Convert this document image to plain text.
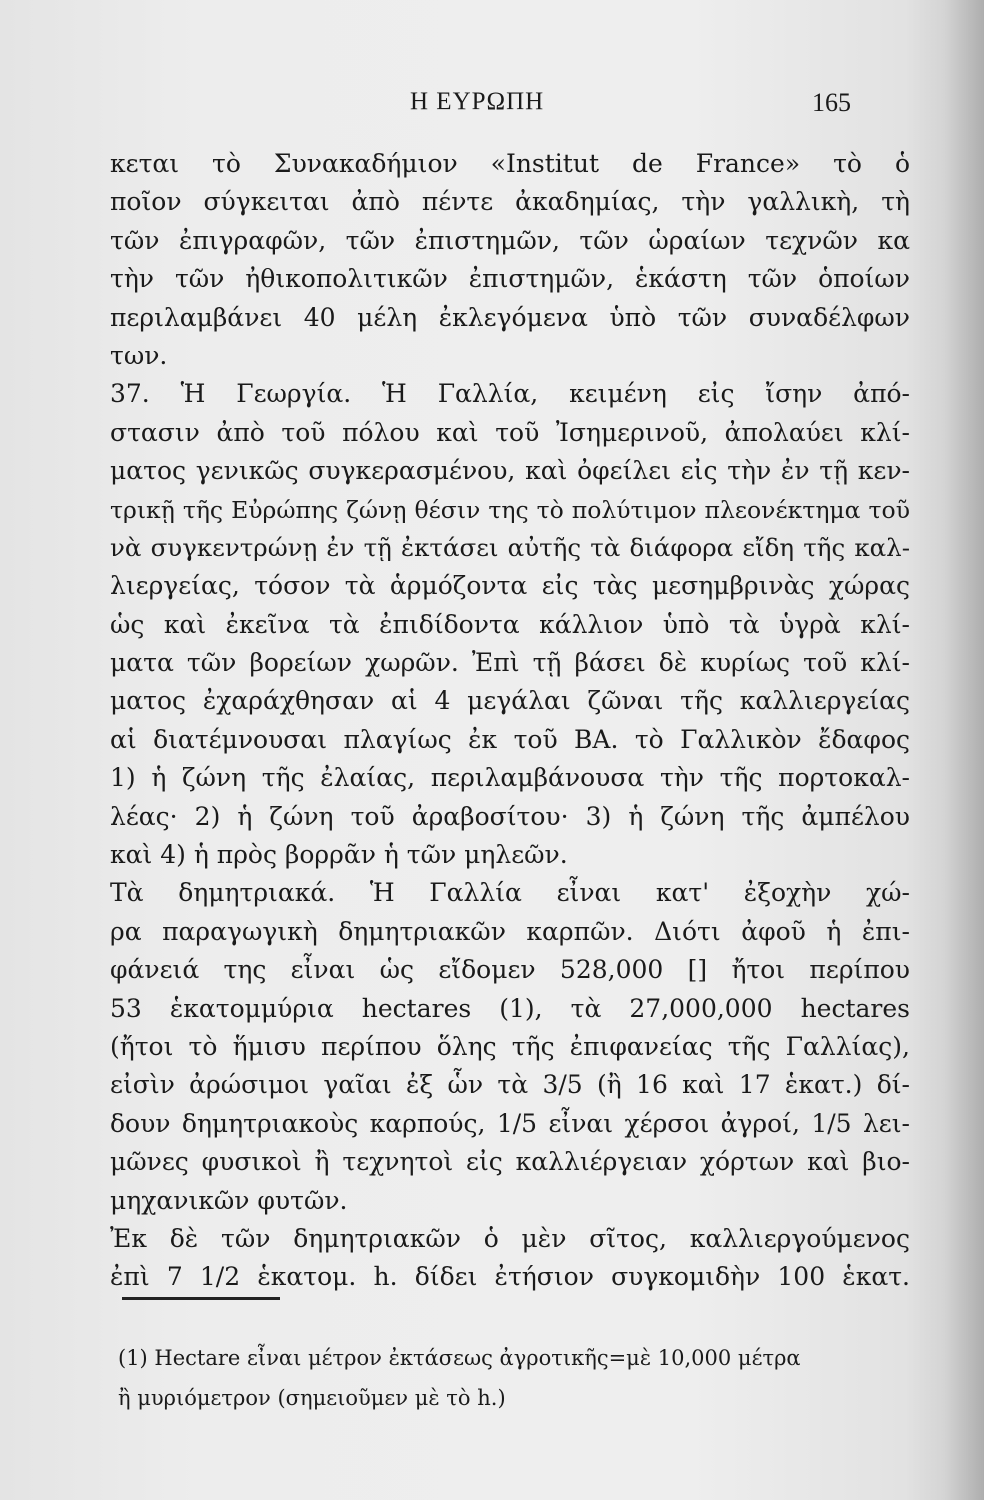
Η ΕΥΡΩΠΗ	165
κεται τὸ Συνακαδήμιον «Institut de France» τὸ ὁ
ποῖον σύγκειται ἀπὸ πέντε ἀκαδημίας, τὴν γαλλικὴ, τὴ
τῶν ἐπιγραφῶν, τῶν ἐπιστημῶν, τῶν ὡραίων τεχνῶν κα
τὴν τῶν ἠθικοπολιτικῶν ἐπιστημῶν, ἑκάστη τῶν ὁποίων
περιλαμβάνει 40 μέλη ἐκλεγόμενα ὑπὸ τῶν συναδέλφων
των.
37. Ἡ Γεωργία. Ἡ Γαλλία, κειμένη εἰς ἴσην ἀπό-
στασιν ἀπὸ τοῦ πόλου καὶ τοῦ Ἰσημερινοῦ, ἀπολαύει κλί-
ματος γενικῶς συγκερασμένου, καὶ ὀφείλει εἰς τὴν ἐν τῇ κεν-
τρικῇ τῆς Εὐρώπης ζώνῃ θέσιν της τὸ πολύτιμον πλεονέκτημα τοῦ
νὰ συγκεντρώνῃ ἐν τῇ ἐκτάσει αὐτῆς τὰ διάφορα εἴδη τῆς καλ-
λιεργείας, τόσον τὰ ἁρμόζοντα εἰς τὰς μεσημβρινὰς χώρας
ὡς καὶ ἐκεῖνα τὰ ἐπιδίδοντα κάλλιον ὑπὸ τὰ ὑγρὰ κλί-
ματα τῶν βορείων χωρῶν. Ἐπὶ τῇ βάσει δὲ κυρίως τοῦ κλί-
ματος ἐχαράχθησαν αἱ 4 μεγάλαι ζῶναι τῆς καλλιεργείας
αἱ διατέμνουσαι πλαγίως ἐκ τοῦ ΒΑ. τὸ Γαλλικὸν ἔδαφος
1) ἡ ζώνη τῆς ἐλαίας, περιλαμβάνουσα τὴν τῆς πορτοκαλ-
λέας· 2) ἡ ζώνη τοῦ ἀραβοσίτου· 3) ἡ ζώνη τῆς ἀμπέλου
καὶ 4) ἡ πρὸς βορρᾶν ἡ τῶν μηλεῶν.
Τὰ δημητριακά. Ἡ Γαλλία εἶναι κατ' ἐξοχὴν χώ-
ρα παραγωγικὴ δημητριακῶν καρπῶν. Διότι ἀφοῦ ἡ ἐπι-
φάνειά της εἶναι ὡς εἴδομεν 528,000 [] ἤτοι περίπου
53 ἑκατομμύρια hectares (1), τὰ 27,000,000 hectares
(ἤτοι τὸ ἥμισυ περίπου ὅλης τῆς ἐπιφανείας τῆς Γαλλίας),
εἰσὶν ἀρώσιμοι γαῖαι ἐξ ὧν τὰ 3/5 (ἢ 16 καὶ 17 ἑκατ.) δί-
δουν δημητριακοὺς καρπούς, 1/5 εἶναι χέρσοι ἀγροί, 1/5 λει-
μῶνες φυσικοὶ ἢ τεχνητοὶ εἰς καλλιέργειαν χόρτων καὶ βιο-
μηχανικῶν φυτῶν.
Ἐκ δὲ τῶν δημητριακῶν ὁ μὲν σῖτος, καλλιεργούμενος
ἐπὶ 7 1/2 ἑκατομ. h. δίδει ἐτήσιον συγκομιδὴν 100 ἑκατ.
(1) Hectare εἶναι μέτρον ἐκτάσεως ἀγροτικῆς=μὲ 10,000 μέτρα
ἢ μυριόμετρον (σημειοῦμεν μὲ τὸ h.)
